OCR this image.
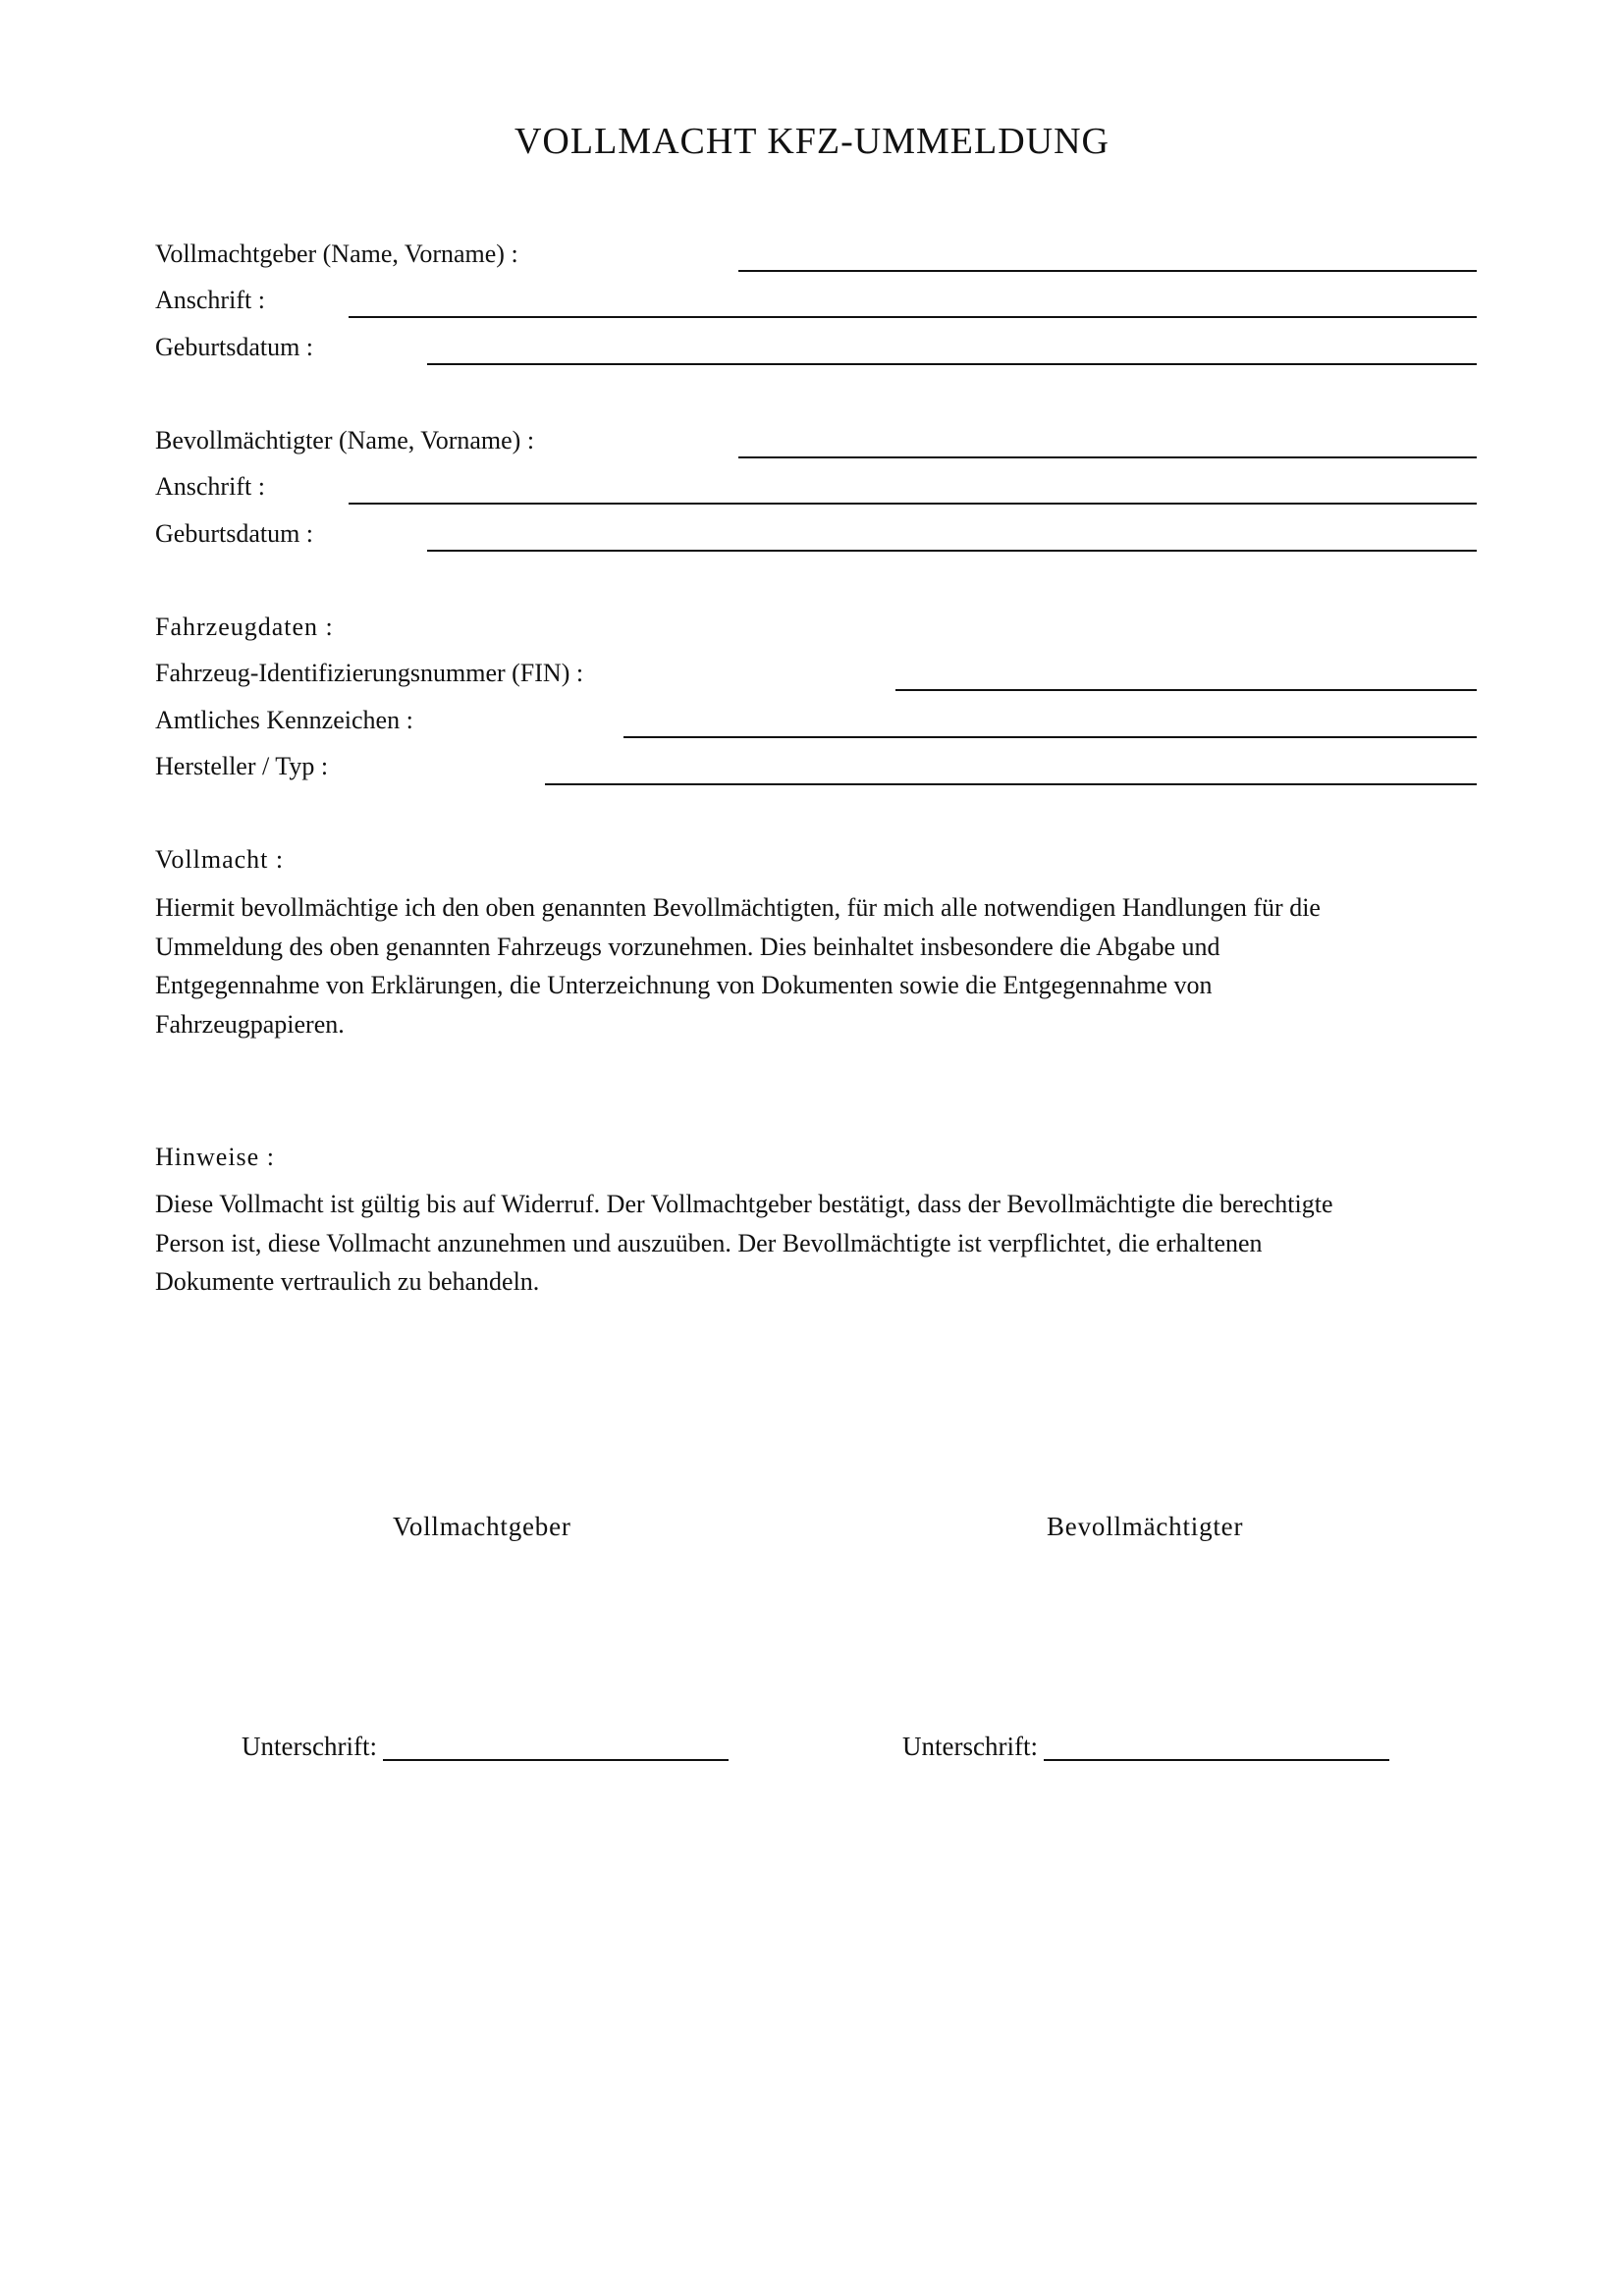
VOLLMACHT KFZ-UMMELDUNG
Vollmachtgeber (Name, Vorname) :
Anschrift :
Geburtsdatum :
Bevollmächtigter (Name, Vorname) :
Anschrift :
Geburtsdatum :
Fahrzeugdaten :
Fahrzeug-Identifizierungsnummer (FIN) :
Amtliches Kennzeichen :
Hersteller / Typ :
Vollmacht :
Hiermit bevollmächtige ich den oben genannten Bevollmächtigten, für mich alle notwendigen Handlungen für die
Ummeldung des oben genannten Fahrzeugs vorzunehmen. Dies beinhaltet insbesondere die Abgabe und
Entgegennahme von Erklärungen, die Unterzeichnung von Dokumenten sowie die Entgegennahme von
Fahrzeugpapieren.
Hinweise :
Diese Vollmacht ist gültig bis auf Widerruf. Der Vollmachtgeber bestätigt, dass der Bevollmächtigte die berechtigte
Person ist, diese Vollmacht anzunehmen und auszuüben. Der Bevollmächtigte ist verpflichtet, die erhaltenen
Dokumente vertraulich zu behandeln.
Vollmachtgeber	Bevollmächtigter
Unterschrift:	Unterschrift:
